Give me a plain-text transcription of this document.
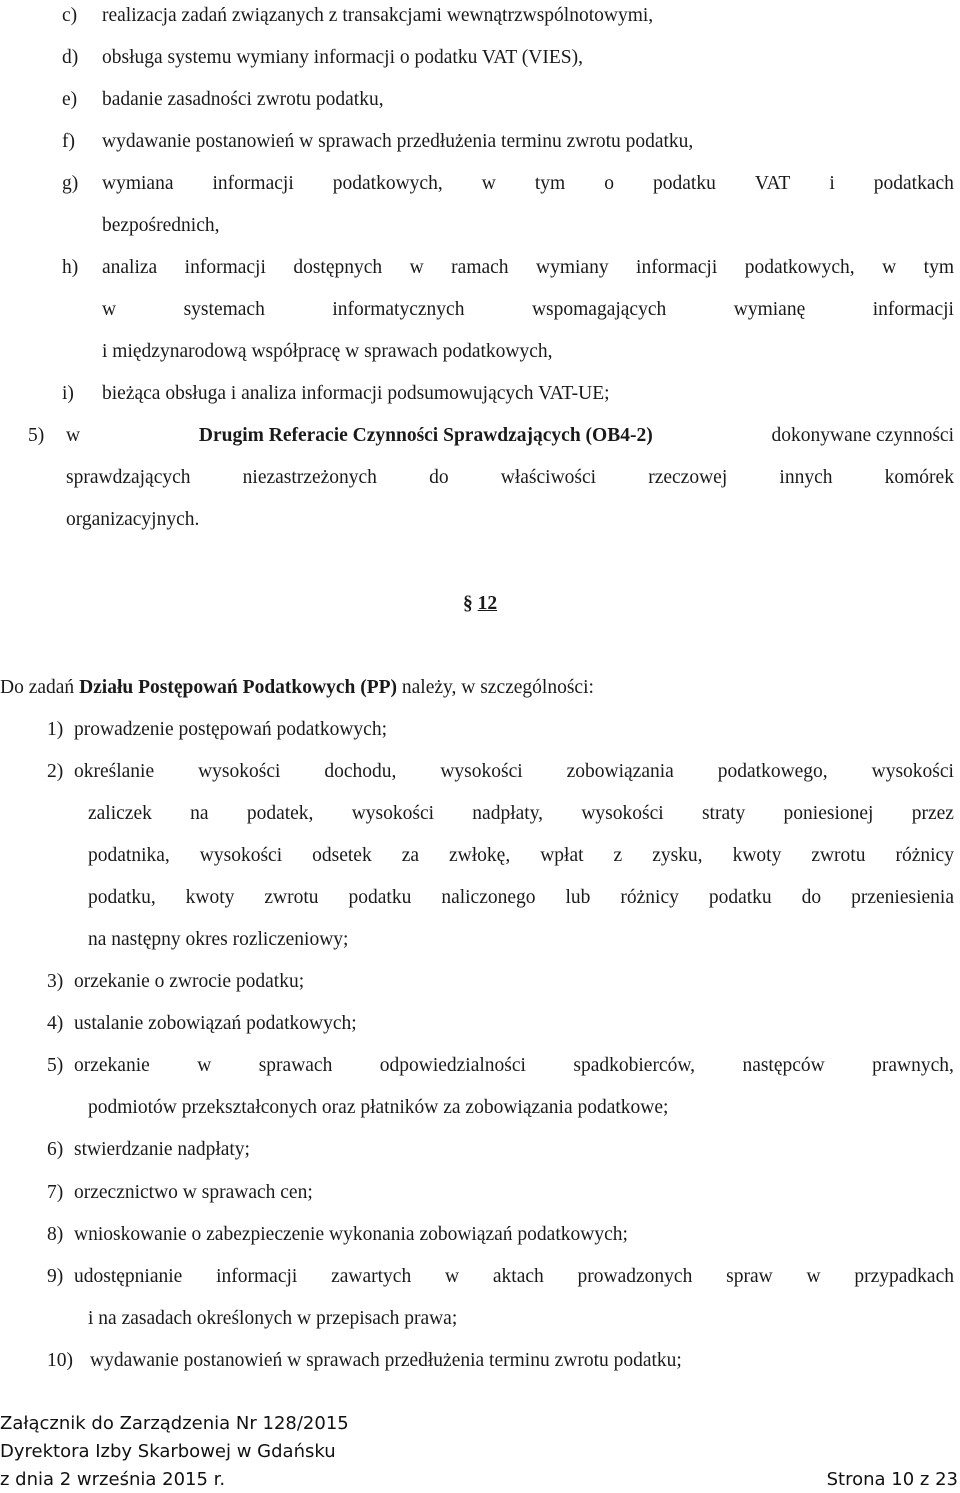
c) realizacja zadań związanych z transakcjami wewnątrzwspólnotowymi,
d) obsługa systemu wymiany informacji o podatku VAT (VIES),
e) badanie zasadności zwrotu podatku,
f) wydawanie postanowień w sprawach przedłużenia terminu zwrotu podatku,
g) wymiana informacji podatkowych, w tym o podatku VAT i podatkach
bezpośrednich,
h) analiza informacji dostępnych w ramach wymiany informacji podatkowych, w tym
w	systemach	informatycznych	wspomagających	wymianę	informacji
i międzynarodową współpracę w sprawach podatkowych,
i) bieżąca obsługa i analiza informacji podsumowujących VAT-UE;
5) w	Drugim Referacie Czynności Sprawdzających (OB4-2)	dokonywane czynności
sprawdzających	niezastrzeżonych	do	właściwości	rzeczowej	innych	komórek
organizacyjnych.
§ 12
Do zadań Działu Postępowań Podatkowych (PP) należy, w szczególności:
1) prowadzenie postępowań podatkowych;
2) określanie wysokości dochodu, wysokości zobowiązania podatkowego, wysokości
zaliczek na podatek, wysokości nadpłaty, wysokości straty poniesionej przez
podatnika, wysokości odsetek za zwłokę, wpłat z zysku, kwoty zwrotu różnicy
podatku, kwoty zwrotu podatku naliczonego lub różnicy podatku do przeniesienia
na następny okres rozliczeniowy;
3) orzekanie o zwrocie podatku;
4) ustalanie zobowiązań podatkowych;
5) orzekanie w sprawach odpowiedzialności spadkobierców, następców prawnych,
podmiotów przekształconych oraz płatników za zobowiązania podatkowe;
6) stwierdzanie nadpłaty;
7) orzecznictwo w sprawach cen;
8) wnioskowanie o zabezpieczenie wykonania zobowiązań podatkowych;
9) udostępnianie informacji zawartych w aktach prowadzonych spraw w przypadkach
i na zasadach określonych w przepisach prawa;
10) wydawanie postanowień w sprawach przedłużenia terminu zwrotu podatku;
Załącznik do Zarządzenia Nr 128/2015
Dyrektora Izby Skarbowej w Gdańsku
z dnia 2 września 2015 r.	Strona 10 z 23
